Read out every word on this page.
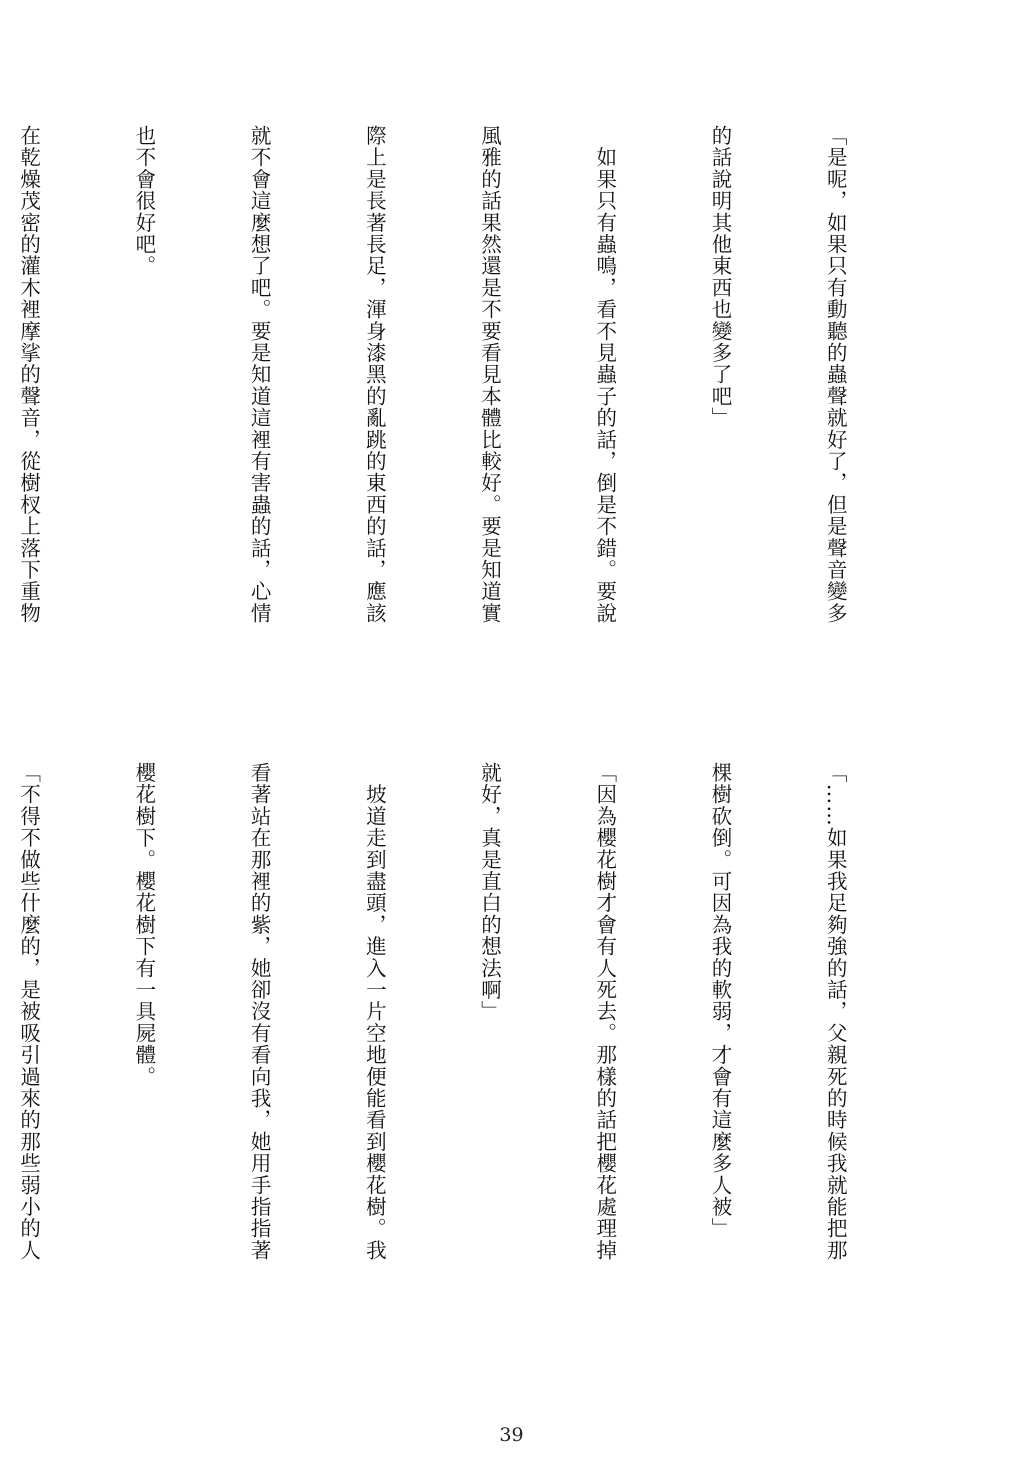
「是呢，如果只有動聽的蟲聲就好了，但是聲音變多

的話說明其他東西也變多了吧」

　如果只有蟲鳴，看不見蟲子的話，倒是不錯。要說

風雅的話果然還是不要看見本體比較好。要是知道實

際上是長著長足，渾身漆黑的亂跳的東西的話，應該

就不會這麼想了吧。要是知道這裡有害蟲的話，心情

也不會很好吧。

在乾燥茂密的灌木裡摩挲的聲音，從樹杈上落下重物

「……如果我足夠強的話，父親死的時候我就能把那

棵樹砍倒。可因為我的軟弱，才會有這麼多人被」

「因為櫻花樹才會有人死去。那樣的話把櫻花處理掉

就好，真是直白的想法啊」

　坡道走到盡頭，進入一片空地便能看到櫻花樹。我

看著站在那裡的紫，她卻沒有看向我，她用手指指著

櫻花樹下。櫻花樹下有一具屍體。

「不得不做些什麼的，是被吸引過來的那些弱小的人

39
